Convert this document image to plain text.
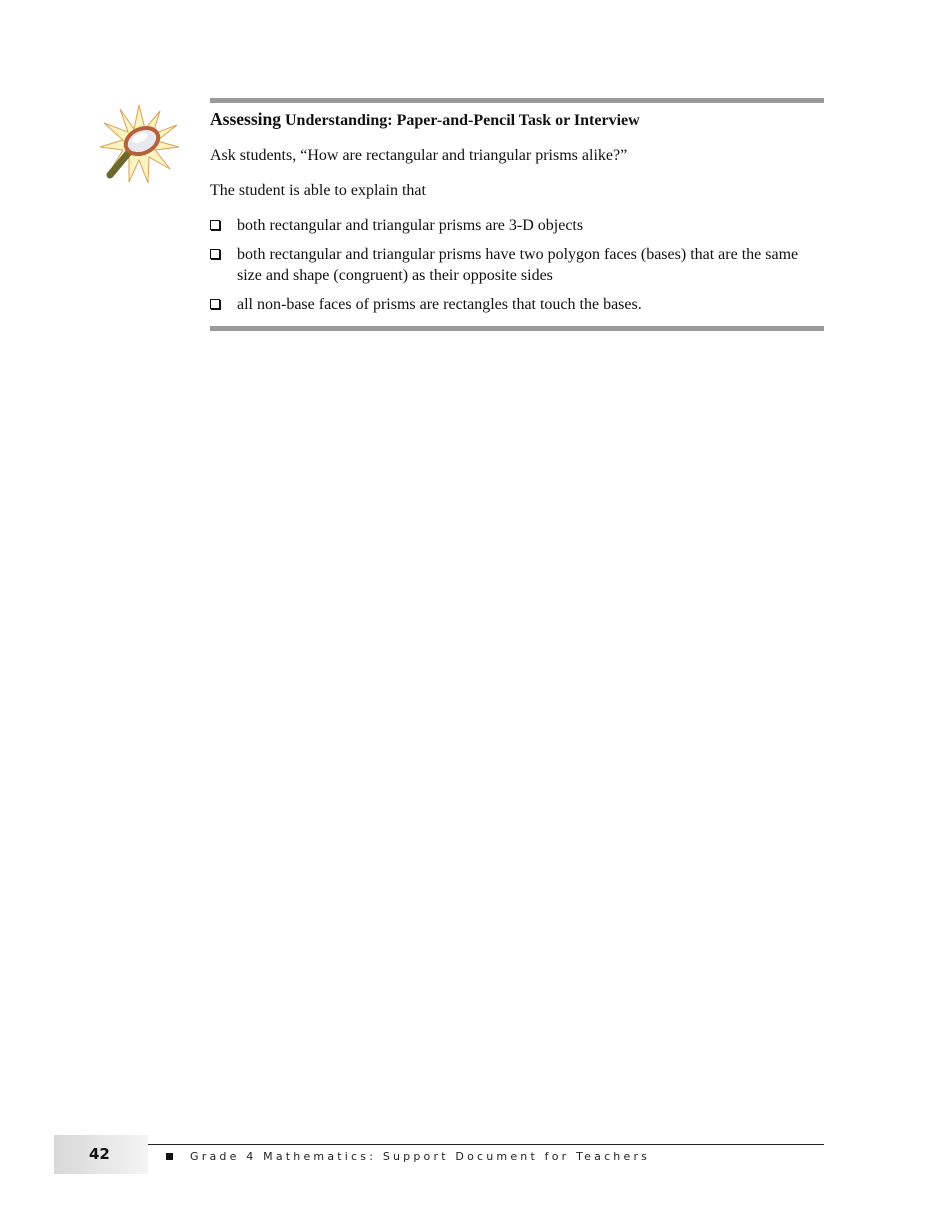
Assessing Understanding: Paper-and-Pencil Task or Interview
Ask students, “How are rectangular and triangular prisms alike?”
The student is able to explain that
both rectangular and triangular prisms are 3-D objects
both rectangular and triangular prisms have two polygon faces (bases) that are the same size and shape (congruent) as their opposite sides
all non-base faces of prisms are rectangles that touch the bases.
42	Grade 4 Mathematics: Support Document for Teachers
